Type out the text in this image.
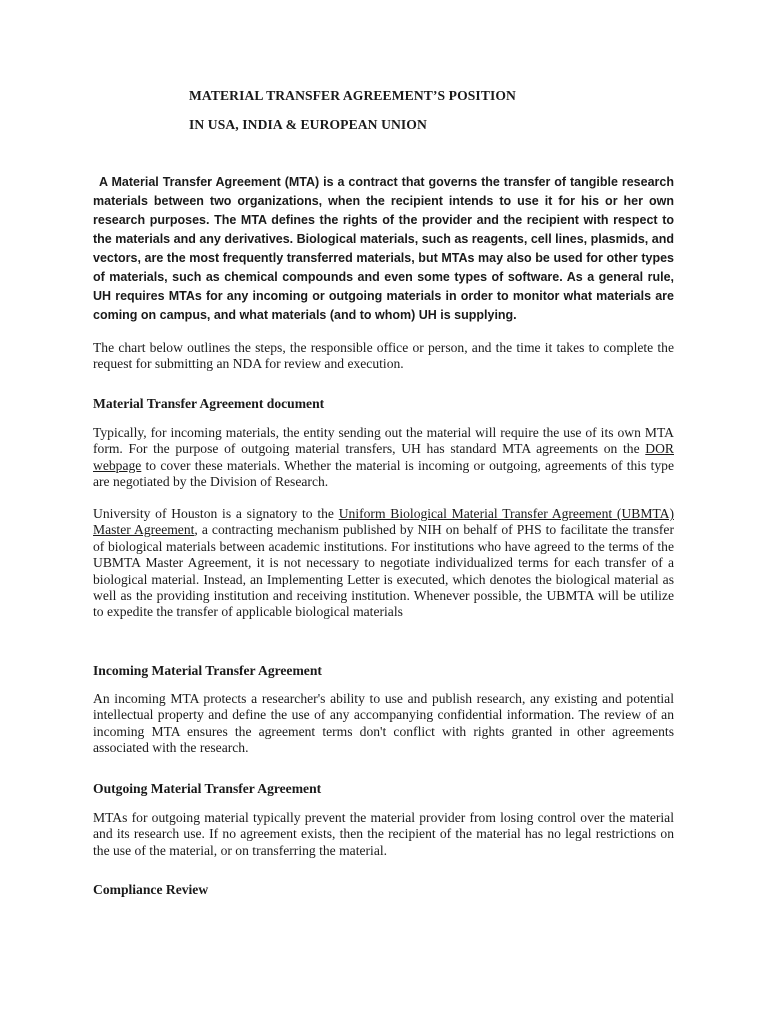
MATERIAL TRANSFER AGREEMENT’S POSITION
IN USA, INDIA & EUROPEAN UNION

A Material Transfer Agreement (MTA) is a contract that governs the transfer of tangible research materials between two organizations, when the recipient intends to use it for his or her own research purposes. The MTA defines the rights of the provider and the recipient with respect to the materials and any derivatives. Biological materials, such as reagents, cell lines, plasmids, and vectors, are the most frequently transferred materials, but MTAs may also be used for other types of materials, such as chemical compounds and even some types of software. As a general rule, UH requires MTAs for any incoming or outgoing materials in order to monitor what materials are coming on campus, and what materials (and to whom) UH is supplying.

The chart below outlines the steps, the responsible office or person, and the time it takes to complete the request for submitting an NDA for review and execution.

Material Transfer Agreement document

Typically, for incoming materials, the entity sending out the material will require the use of its own MTA form. For the purpose of outgoing material transfers, UH has standard MTA agreements on the DOR webpage to cover these materials. Whether the material is incoming or outgoing, agreements of this type are negotiated by the Division of Research.

University of Houston is a signatory to the Uniform Biological Material Transfer Agreement (UBMTA) Master Agreement, a contracting mechanism published by NIH on behalf of PHS to facilitate the transfer of biological materials between academic institutions. For institutions who have agreed to the terms of the UBMTA Master Agreement, it is not necessary to negotiate individualized terms for each transfer of a biological material. Instead, an Implementing Letter is executed, which denotes the biological material as well as the providing institution and receiving institution. Whenever possible, the UBMTA will be utilize to expedite the transfer of applicable biological materials

Incoming Material Transfer Agreement

An incoming MTA protects a researcher's ability to use and publish research, any existing and potential intellectual property and define the use of any accompanying confidential information. The review of an incoming MTA ensures the agreement terms don't conflict with rights granted in other agreements associated with the research.

Outgoing Material Transfer Agreement

MTAs for outgoing material typically prevent the material provider from losing control over the material and its research use. If no agreement exists, then the recipient of the material has no legal restrictions on the use of the material, or on transferring the material.

Compliance Review
